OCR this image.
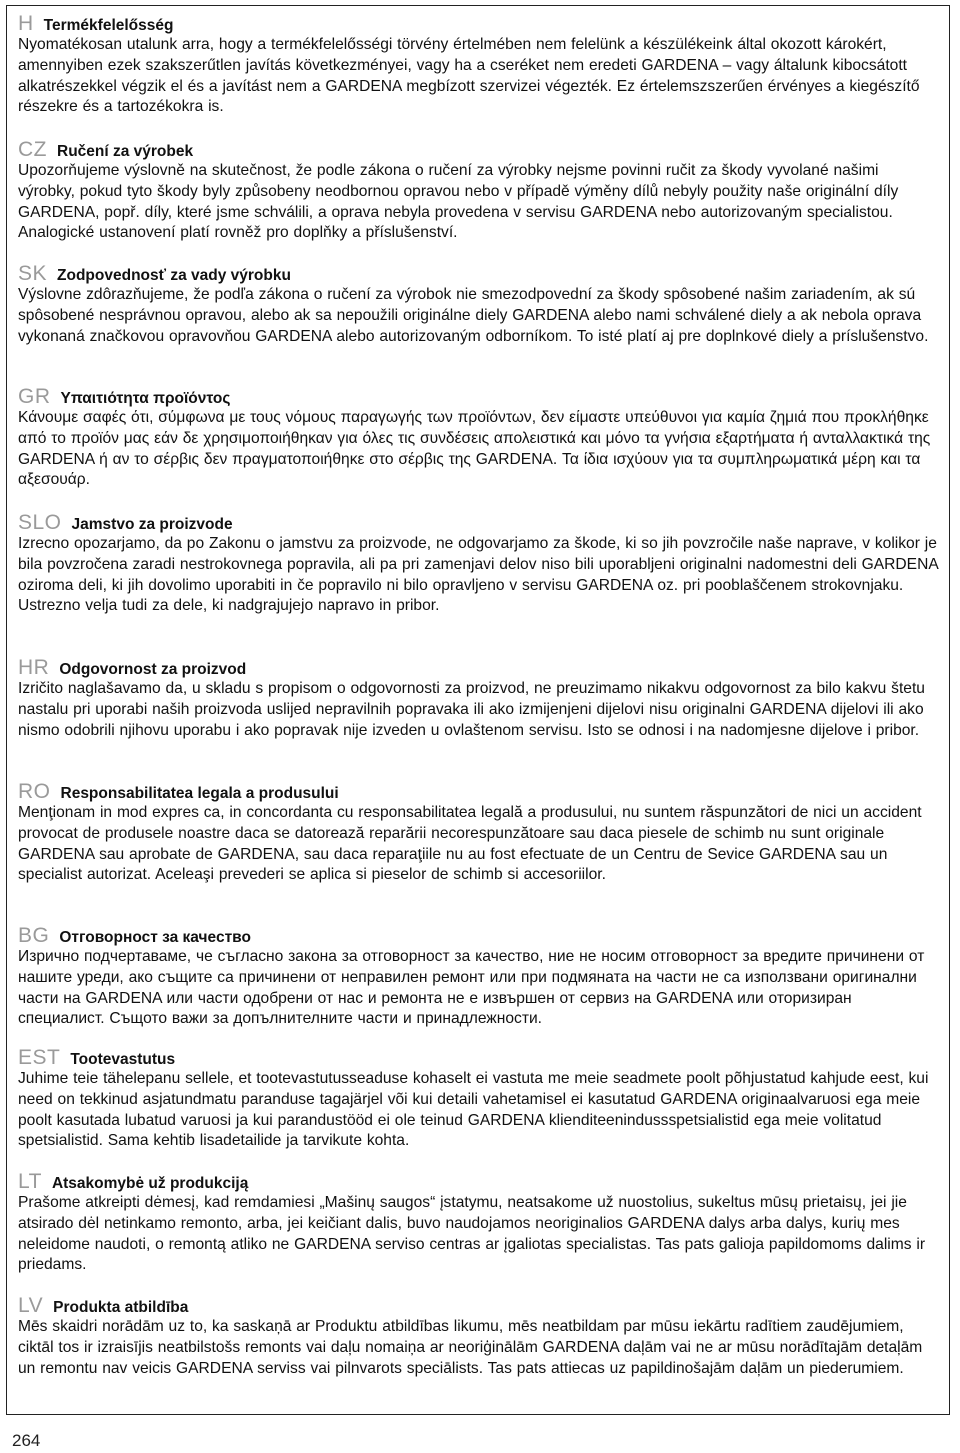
H Termékfelelősség
Nyomatékosan utalunk arra, hogy a termékfelelősségi törvény értelmében nem felelünk a készülékeink által okozott károkért, amennyiben ezek szakszerűtlen javítás következményei, vagy ha a cseréket nem eredeti GARDENA – vagy általunk kibocsátott alkatrészekkel végzik el és a javítást nem a GARDENA megbízott szervizei végezték. Ez értelemszszerűen érvényes a kiegészítő részekre és a tartozékokra is.
CZ Ručení za výrobek
Upozorňujeme výslovně na skutečnost, že podle zákona o ručení za výrobky nejsme povinni ručit za škody vyvolané našimi výrobky, pokud tyto škody byly způsobeny neodbornou opravou nebo v případě výměny dílů nebyly použity naše originální díly GARDENA, popř. díly, které jsme schválili, a oprava nebyla provedena v servisu GARDENA nebo autorizovaným specialistou. Analogické ustanovení platí rovněž pro doplňky a příslušenství.
SK Zodpovednosť za vady výrobku
Výslovne zdôrazňujeme, že podľa zákona o ručení za výrobok nie smezodpovední za škody spôsobené našim zariadením, ak sú spôsobené nesprávnou opravou, alebo ak sa nepoužili originálne diely GARDENA alebo nami schválené diely a ak nebola oprava vykonaná značkovou opravovňou GARDENA alebo autorizovaným odborníkom. To isté platí aj pre doplnkové diely a príslušenstvo.
GR Υπαιτιότητα προϊόντος
Κάνουμε σαφές ότι, σύμφωνα με τους νόμους παραγωγής των προϊόντων, δεν είμαστε υπεύθυνοι για καμία ζημιά που προκλήθηκε από το προϊόν μας εάν δε χρησιμοποιήθηκαν για όλες τις συνδέσεις απολειστικά και μόνο τα γνήσια εξαρτήματα ή ανταλλακτικά της GARDENA ή αν το σέρβις δεν πραγματοποιήθηκε στο σέρβις της GARDENA. Τα ίδια ισχύουν για τα συμπληρωματικά μέρη και τα αξεσουάρ.
SLO Jamstvo za proizvode
Izrecno opozarjamo, da po Zakonu o jamstvu za proizvode, ne odgovarjamo za škode, ki so jih povzročile naše naprave, v kolikor je bila povzročena zaradi nestrokovnega popravila, ali pa pri zamenjavi delov niso bili uporabljeni originalni nadomestni deli GARDENA oziroma deli, ki jih dovolimo uporabiti in če popravilo ni bilo opravljeno v servisu GARDENA oz. pri pooblaščenem strokovnjaku. Ustrezno velja tudi za dele, ki nadgrajujejo napravo in pribor.
HR Odgovornost za proizvod
Izričito naglašavamo da, u skladu s propisom o odgovornosti za proizvod, ne preuzimamo nikakvu odgovornost za bilo kakvu štetu nastalu pri uporabi naših proizvoda uslijed nepravilnih popravaka ili ako izmijenjeni dijelovi nisu originalni GARDENA dijelovi ili ako nismo odobrili njihovu uporabu i ako popravak nije izveden u ovlaštenom servisu. Isto se odnosi i na nadomjesne dijelove i pribor.
RO Responsabilitatea legala a produsului
Menţionam in mod expres ca, in concordanta cu responsabilitatea legală a produsului, nu suntem răspunzători de nici un accident provocat de produsele noastre daca se datorează reparării necorespunzătoare sau daca piesele de schimb nu sunt originale GARDENA sau aprobate de GARDENA, sau daca reparaţiile nu au fost efectuate de un Centru de Sevice GARDENA sau un specialist autorizat. Aceleaşi prevederi se aplica si pieselor de schimb si accesoriilor.
BG Отговорност за качество
Изрично подчертаваме, че съгласно закона за отговорност за качество, ние не носим отговорност за вредите причинени от нашите уреди, ако същите са причинени от неправилен ремонт или при подмяната на части не са използвани оригинални части на GARDENA или части одобрени от нас и ремонта не е извършен от сервиз на GARDENA или оторизиран специалист. Същото важи за допълнителните части и принадлежности.
EST Tootevastutus
Juhime teie tähelepanu sellele, et tootevastutusseaduse kohaselt ei vastuta me meie seadmete poolt põhjustatud kahjude eest, kui need on tekkinud asjatundmatu paranduse tagajärjel või kui detaili vahetamisel ei kasutatud GARDENA originaalvaruosi ega meie poolt kasutada lubatud varuosi ja kui parandustööd ei ole teinud GARDENA klienditeenindussspetsialistid ega meie volitatud spetsialistid. Sama kehtib lisadetailide ja tarvikute kohta.
LT Atsakomybė už produkciją
Prašome atkreipti dėmesį, kad remdamiesi „Mašinų saugos“ įstatymu, neatsakome už nuostolius, sukeltus mūsų prietaisų, jei jie atsirado dėl netinkamo remonto, arba, jei keičiant dalis, buvo naudojamos neoriginalios GARDENA dalys arba dalys, kurių mes neleidome naudoti, o remontą atliko ne GARDENA serviso centras ar įgaliotas specialistas. Tas pats galioja papildomoms dalims ir priedams.
LV Produkta atbildība
Mēs skaidri norādām uz to, ka saskaņā ar Produktu atbildības likumu, mēs neatbildam par mūsu iekārtu radītiem zaudējumiem, ciktāl tos ir izraisījis neatbilstošs remonts vai daļu nomaiņa ar neoriģinālām GARDENA daļām vai ne ar mūsu norādītajām detaļām un remontu nav veicis GARDENA serviss vai pilnvarots speciālists. Tas pats attiecas uz papildinošajām daļām un piederumiem.
264
